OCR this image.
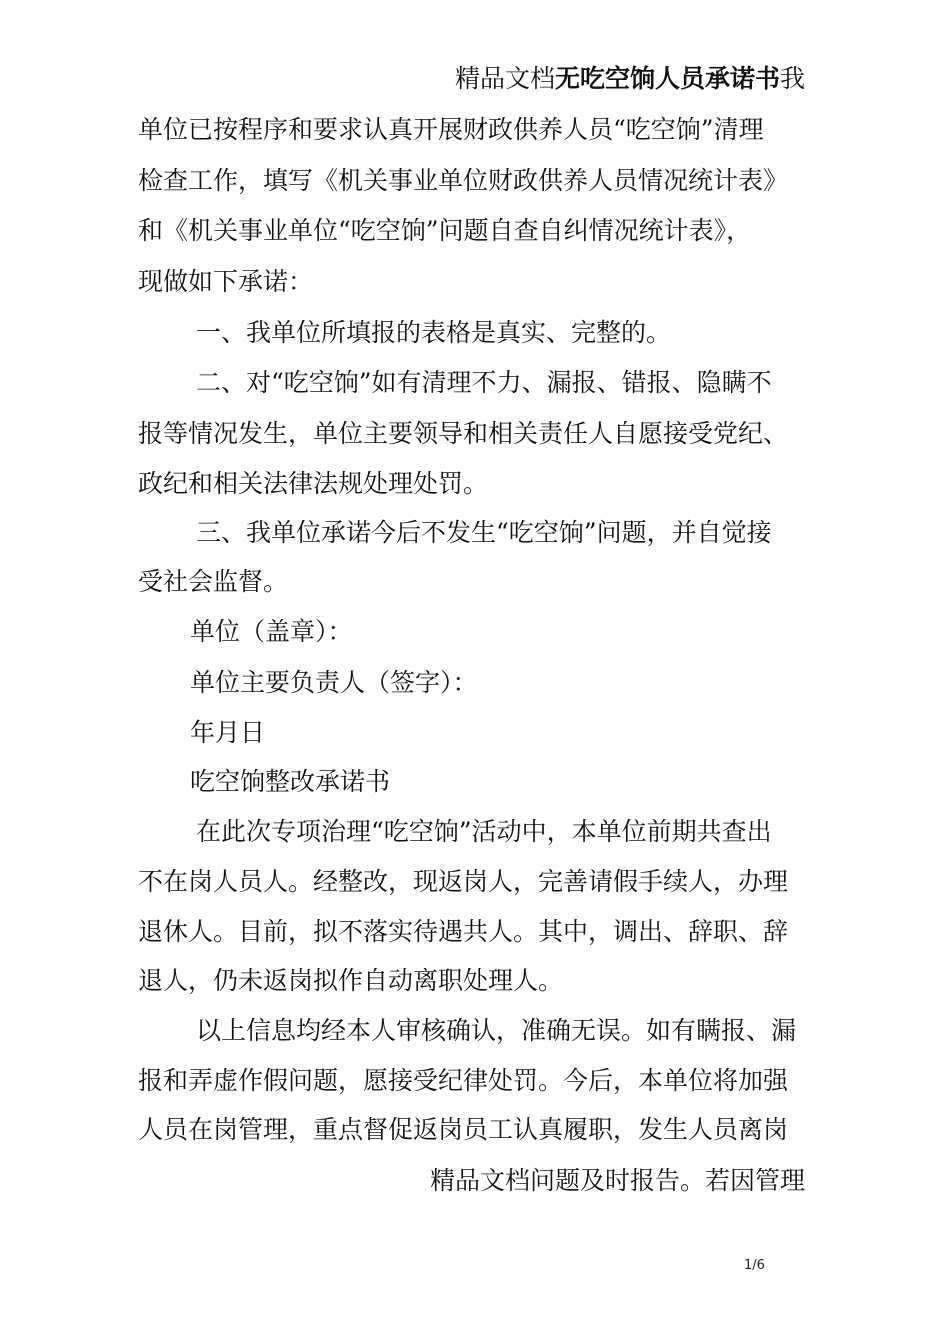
精品文档无吃空饷人员承诺书我
单位已按程序和要求认真开展财政供养人员“吃空饷”清理
检查工作，填写《机关事业单位财政供养人员情况统计表》
和《机关事业单位“吃空饷”问题自查自纠情况统计表》，
现做如下承诺：
一、我单位所填报的表格是真实、完整的。
二、对“吃空饷”如有清理不力、漏报、错报、隐瞒不
报等情况发生，单位主要领导和相关责任人自愿接受党纪、
政纪和相关法律法规处理处罚。
三、我单位承诺今后不发生“吃空饷”问题，并自觉接
受社会监督。
单位（盖章）：
单位主要负责人（签字）：
年月日
吃空饷整改承诺书
在此次专项治理“吃空饷”活动中，本单位前期共查出
不在岗人员人。经整改，现返岗人，完善请假手续人，办理
退休人。目前，拟不落实待遇共人。其中，调出、辞职、辞
退人，仍未返岗拟作自动离职处理人。
以上信息均经本人审核确认，准确无误。如有瞒报、漏
报和弄虚作假问题，愿接受纪律处罚。今后，本单位将加强
人员在岗管理，重点督促返岗员工认真履职，发生人员离岗
精品文档问题及时报告。若因管理
1/6
